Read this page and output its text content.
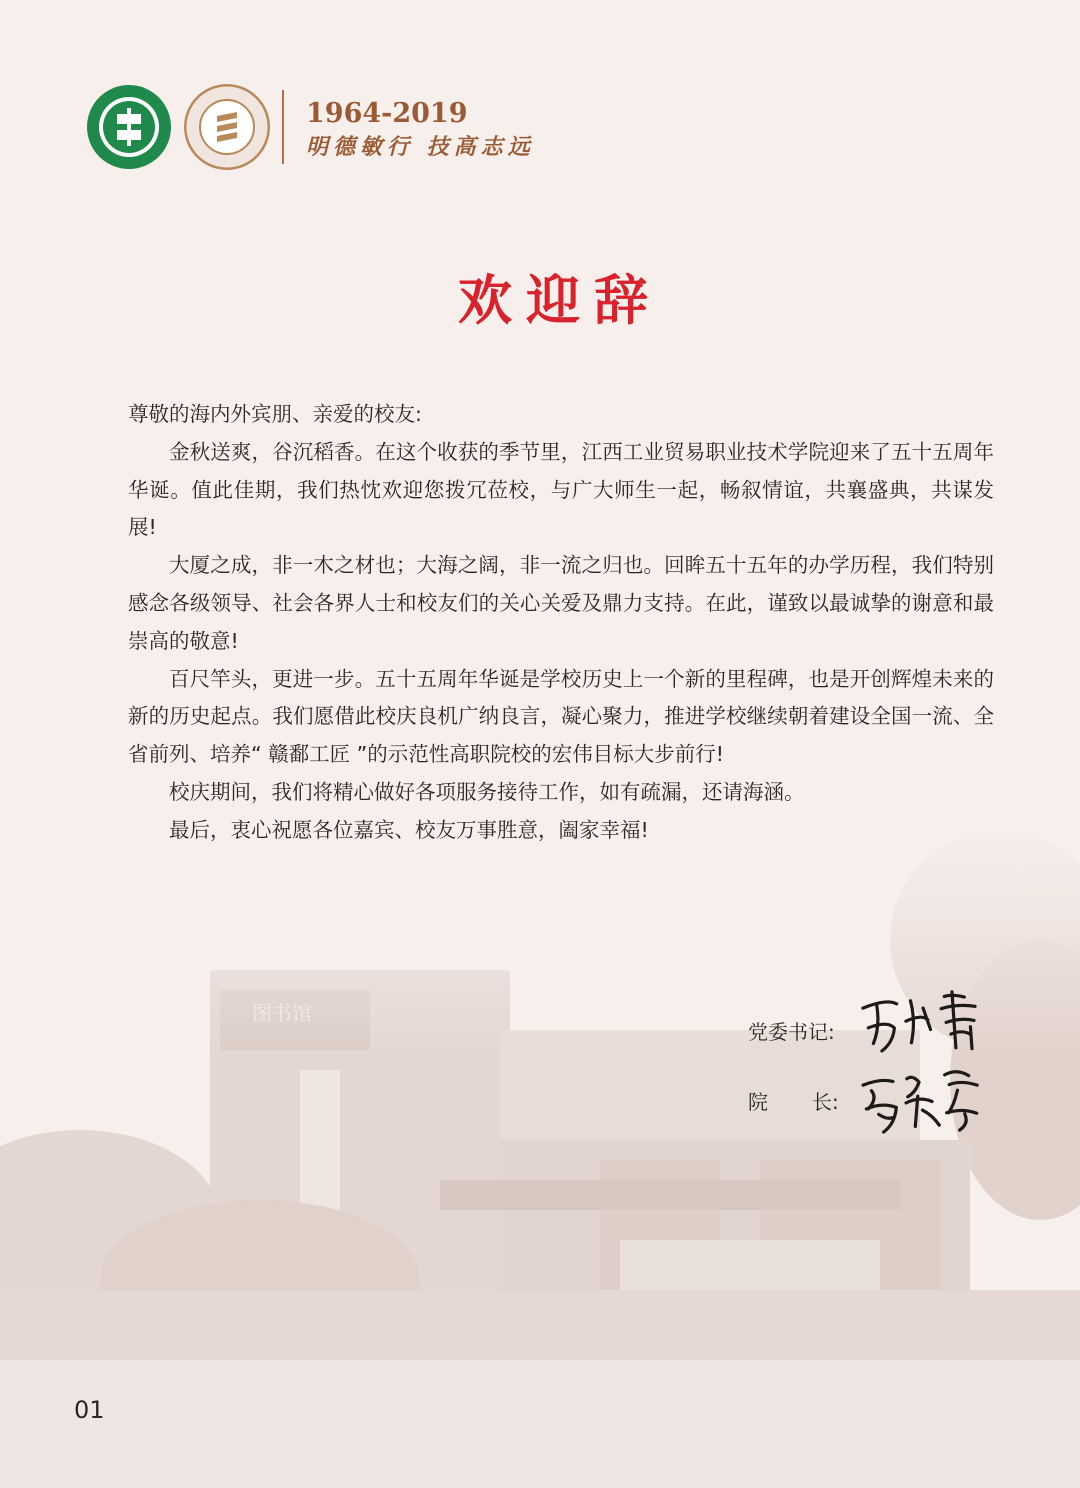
图书馆
1964-2019
明德敏行 技高志远
欢迎辞

尊敬的海内外宾朋、亲爱的校友:

金秋送爽，谷沉稻香。在这个收获的季节里，江西工业贸易职业技术学院迎来了五十五周年华诞。值此佳期，我们热忱欢迎您拨冗莅校，与广大师生一起，畅叙情谊，共襄盛典，共谋发展!

大厦之成，非一木之材也；大海之阔，非一流之归也。回眸五十五年的办学历程，我们特别感念各级领导、社会各界人士和校友们的关心关爱及鼎力支持。在此，谨致以最诚挚的谢意和最崇高的敬意!

百尺竿头，更进一步。五十五周年华诞是学校历史上一个新的里程碑，也是开创辉煌未来的新的历史起点。我们愿借此校庆良机广纳良言，凝心聚力，推进学校继续朝着建设全国一流、全省前列、培养“ 赣鄱工匠 ”的示范性高职院校的宏伟目标大步前行!

校庆期间，我们将精心做好各项服务接待工作，如有疏漏，还请海涵。

最后，衷心祝愿各位嘉宾、校友万事胜意，阖家幸福!

党委书记:
院 长:
01
